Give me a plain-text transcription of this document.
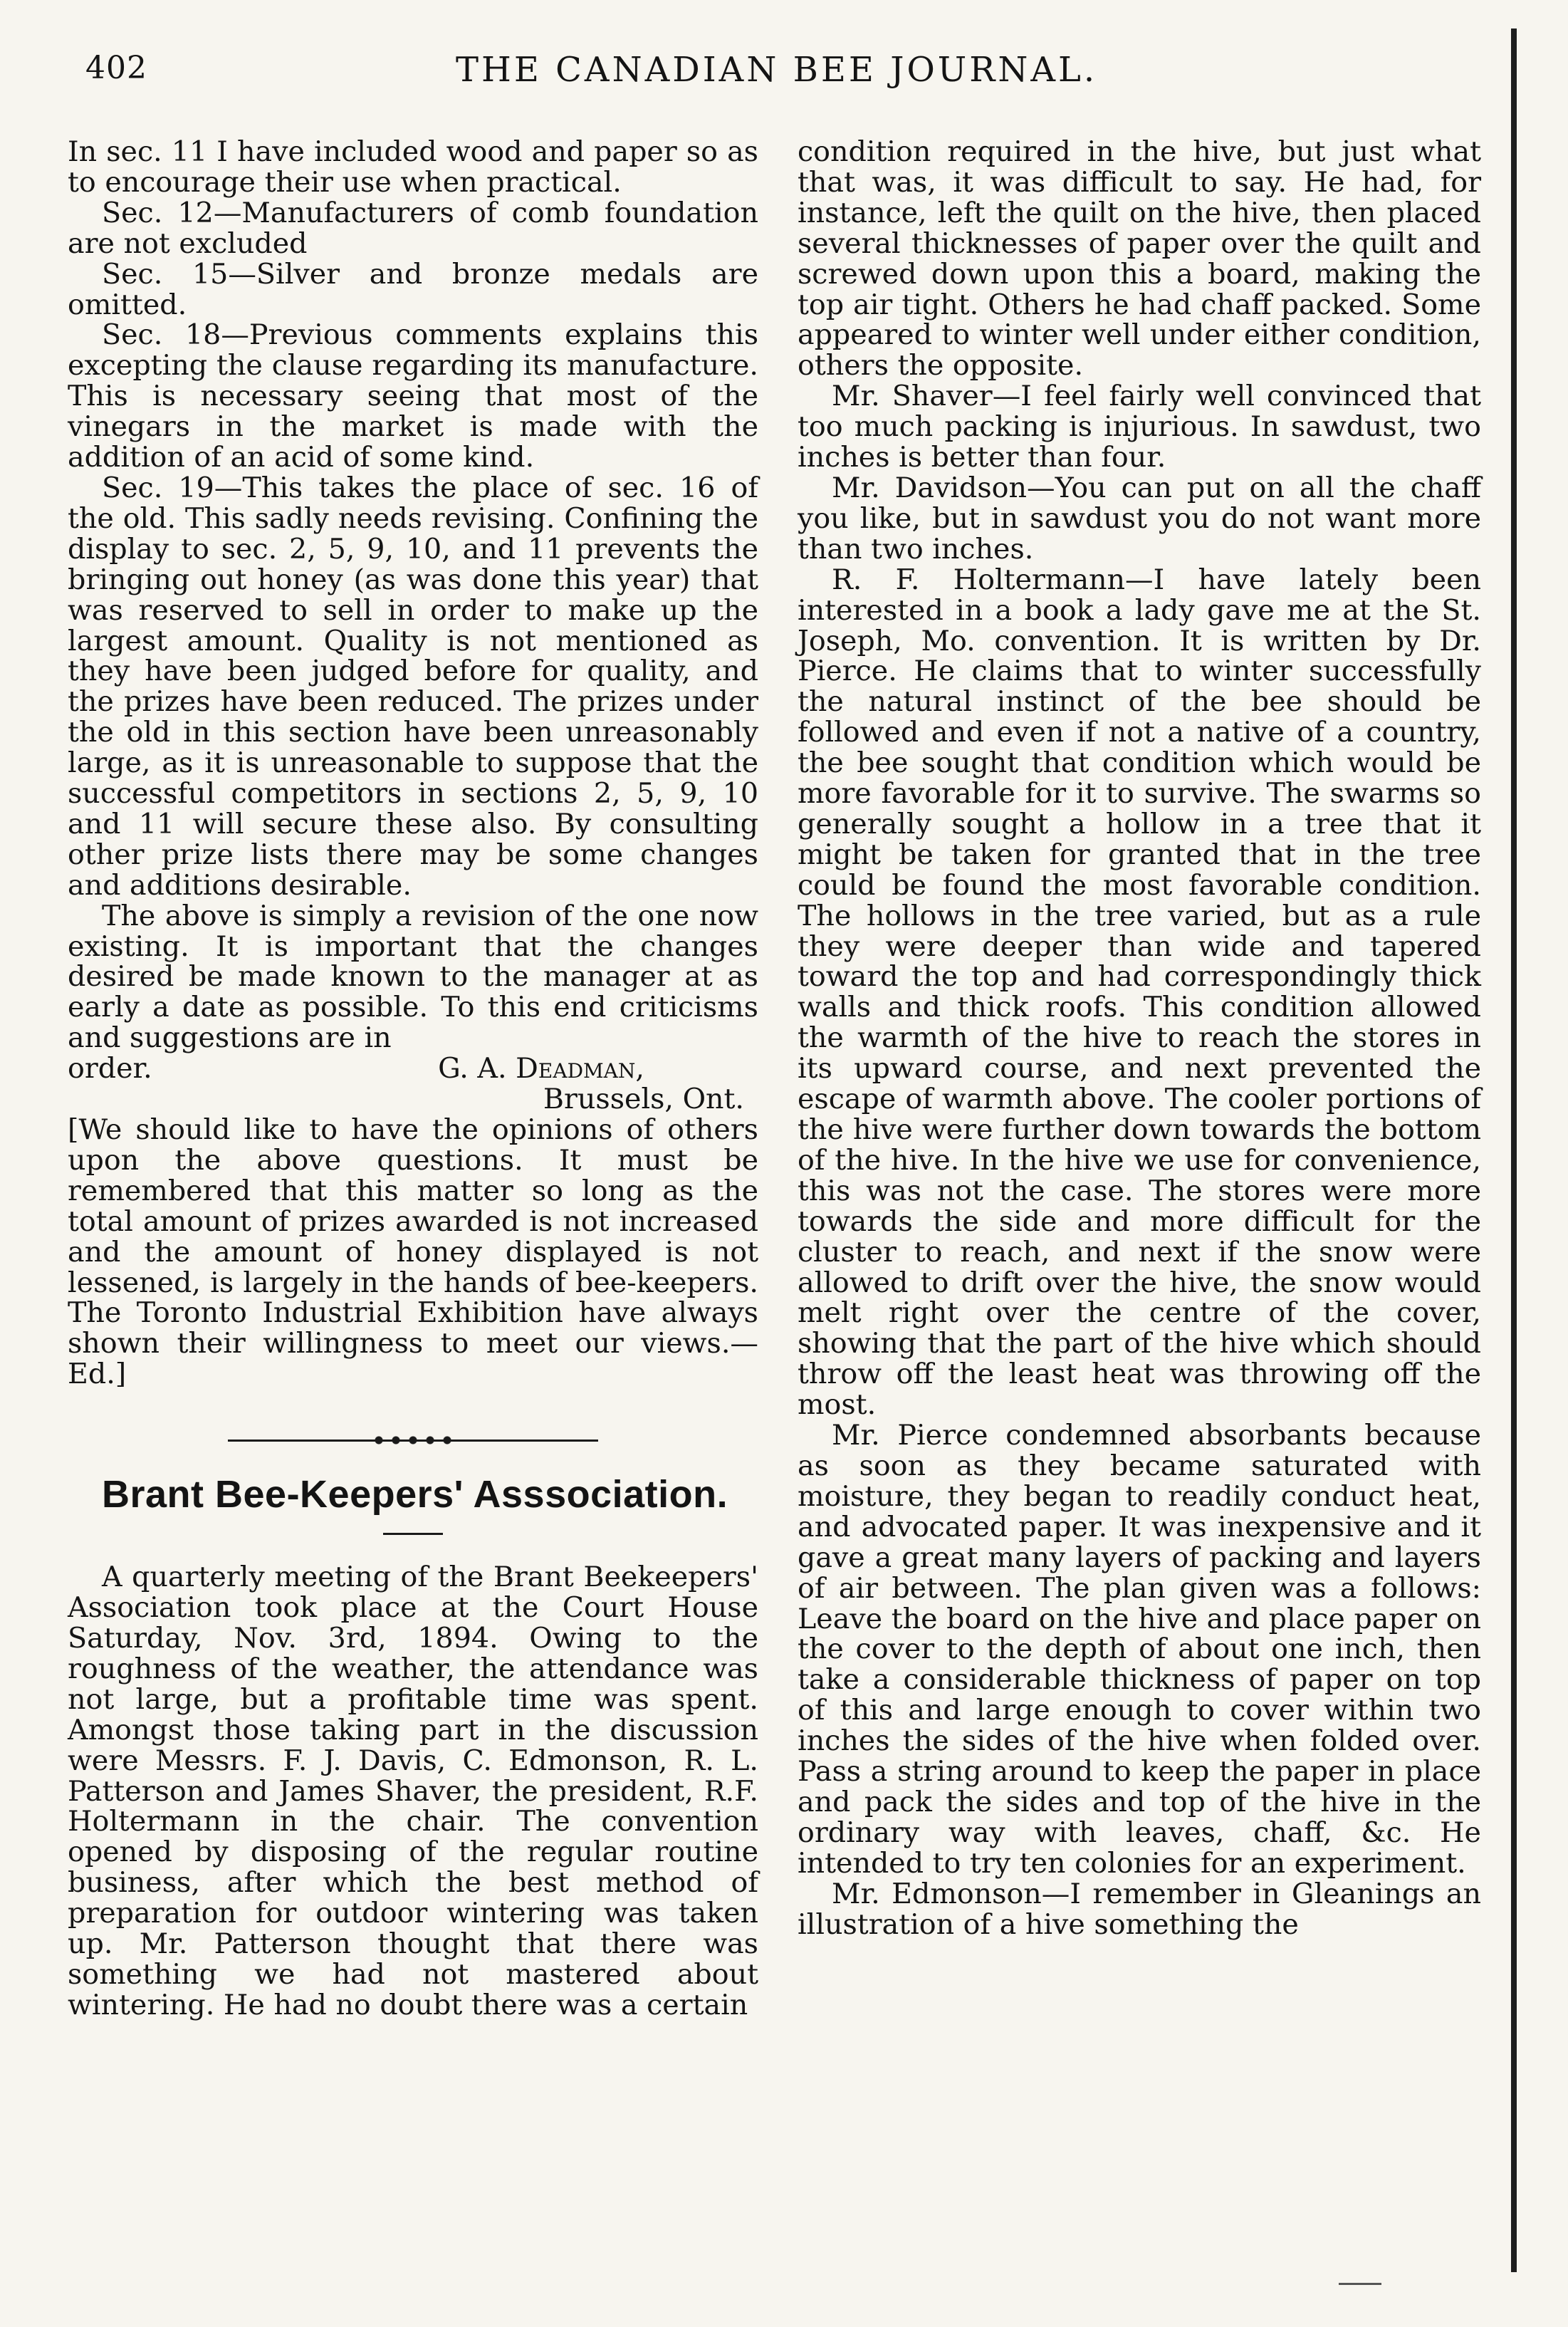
402	THE CANADIAN BEE JOURNAL.

In sec. 11 I have included wood and paper so as to encourage their use when practical.

Sec. 12—Manufacturers of comb foundation are not excluded

Sec. 15—Silver and bronze medals are omitted.

Sec. 18—Previous comments explains this excepting the clause regarding its manufacture. This is necessary seeing that most of the vinegars in the market is made with the addition of an acid of some kind.

Sec. 19—This takes the place of sec. 16 of the old. This sadly needs revising. Confining the display to sec. 2, 5, 9, 10, and 11 prevents the bringing out honey (as was done this year) that was reserved to sell in order to make up the largest amount. Quality is not mentioned as they have been judged before for quality, and the prizes have been reduced. The prizes under the old in this section have been unreasonably large, as it is unreasonable to suppose that the successful competitors in sections 2, 5, 9, 10 and 11 will secure these also. By consulting other prize lists there may be some changes and additions desirable.

The above is simply a revision of the one now existing. It is important that the changes desired be made known to the manager at as early a date as possible. To this end criticisms and suggestions are in

order.	G. A. Deadman,
Brussels, Ont.

[We should like to have the opinions of others upon the above questions. It must be remembered that this matter so long as the total amount of prizes awarded is not increased and the amount of honey displayed is not lessened, is largely in the hands of bee-keepers. The Toronto Industrial Exhibition have always shown their willingness to meet our views.—Ed.]

Brant Bee-Keepers' Asssociation.

A quarterly meeting of the Brant Beekeepers' Association took place at the Court House Saturday, Nov. 3rd, 1894. Owing to the roughness of the weather, the attendance was not large, but a profitable time was spent. Amongst those taking part in the discussion were Messrs. F. J. Davis, C. Edmonson, R. L. Patterson and James Shaver, the president, R.F. Holtermann in the chair. The convention opened by disposing of the regular routine business, after which the best method of preparation for outdoor wintering was taken up. Mr. Patterson thought that there was something we had not mastered about wintering. He had no doubt there was a certain

condition required in the hive, but just what that was, it was difficult to say. He had, for instance, left the quilt on the hive, then placed several thicknesses of paper over the quilt and screwed down upon this a board, making the top air tight. Others he had chaff packed. Some appeared to winter well under either condition, others the opposite.

Mr. Shaver—I feel fairly well convinced that too much packing is injurious. In sawdust, two inches is better than four.

Mr. Davidson—You can put on all the chaff you like, but in sawdust you do not want more than two inches.

R. F. Holtermann—I have lately been interested in a book a lady gave me at the St. Joseph, Mo. convention. It is written by Dr. Pierce. He claims that to winter successfully the natural instinct of the bee should be followed and even if not a native of a country, the bee sought that condition which would be more favorable for it to survive. The swarms so generally sought a hollow in a tree that it might be taken for granted that in the tree could be found the most favorable condition. The hollows in the tree varied, but as a rule they were deeper than wide and tapered toward the top and had correspondingly thick walls and thick roofs. This condition allowed the warmth of the hive to reach the stores in its upward course, and next prevented the escape of warmth above. The cooler portions of the hive were further down towards the bottom of the hive. In the hive we use for convenience, this was not the case. The stores were more towards the side and more difficult for the cluster to reach, and next if the snow were allowed to drift over the hive, the snow would melt right over the centre of the cover, showing that the part of the hive which should throw off the least heat was throwing off the most.

Mr. Pierce condemned absorbants because as soon as they became saturated with moisture, they began to readily conduct heat, and advocated paper. It was inexpensive and it gave a great many layers of packing and layers of air between. The plan given was a follows: Leave the board on the hive and place paper on the cover to the depth of about one inch, then take a considerable thickness of paper on top of this and large enough to cover within two inches the sides of the hive when folded over. Pass a string around to keep the paper in place and pack the sides and top of the hive in the ordinary way with leaves, chaff, &c. He intended to try ten colonies for an experiment.

Mr. Edmonson—I remember in Gleanings an illustration of a hive something the
